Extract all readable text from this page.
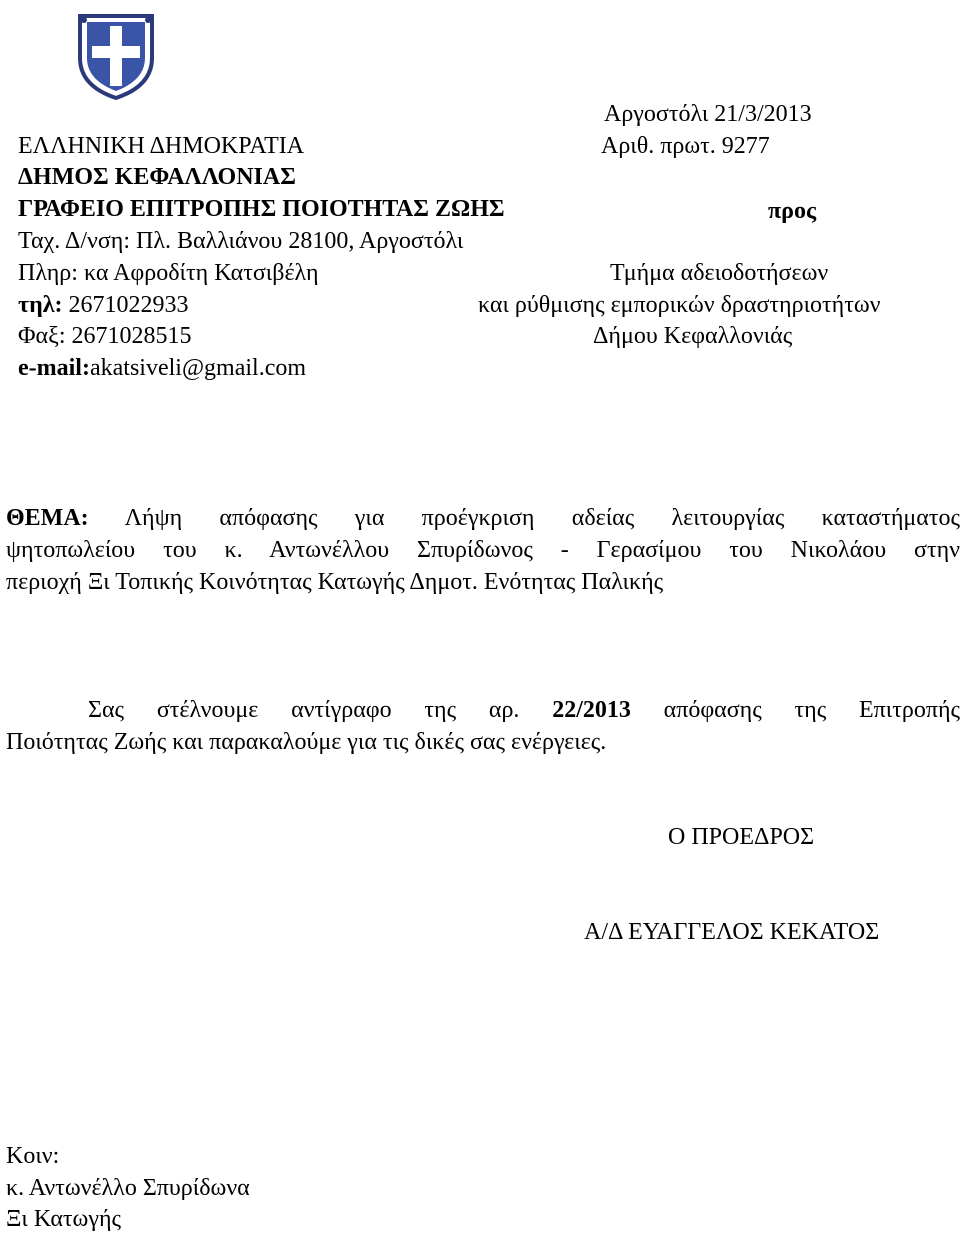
Αργοστόλι 21/3/2013
Αριθ. πρωτ. 9277
ΕΛΛΗΝΙΚΗ ΔΗΜΟΚΡΑΤΙΑ
ΔΗΜΟΣ ΚΕΦΑΛΛΟΝΙΑΣ
ΓΡΑΦΕΙΟ ΕΠΙΤΡΟΠΗΣ ΠΟΙΟΤΗΤΑΣ ΖΩΗΣ	προς
Ταχ. Δ/νση: Πλ. Βαλλιάνου 28100, Αργοστόλι
Πληρ: κα Αφροδίτη Κατσιβέλη
τηλ: 2671022933
Φαξ: 2671028515
e-mail:akatsiveli@gmail.com
Τμήμα αδειοδοτήσεων
και ρύθμισης εμπορικών δραστηριοτήτων
Δήμου Κεφαλλονιάς
ΘΕΜΑ: Λήψη απόφασης για προέγκριση αδείας λειτουργίας καταστήματος
ψητοπωλείου του κ. Αντωνέλλου Σπυρίδωνος - Γερασίμου του Νικολάου στην
περιοχή Ξι Τοπικής Κοινότητας Κατωγής Δημοτ. Ενότητας Παλικής
Σας στέλνουμε αντίγραφο της αρ. 22/2013 απόφασης της Επιτροπής
Ποιότητας Ζωής και παρακαλούμε για τις δικές σας ενέργειες.
Ο ΠΡΟΕΔΡΟΣ
Α/Δ ΕΥΑΓΓΕΛΟΣ ΚΕΚΑΤΟΣ
Κοιν:
κ. Αντωνέλλο Σπυρίδωνα
Ξι Κατωγής
